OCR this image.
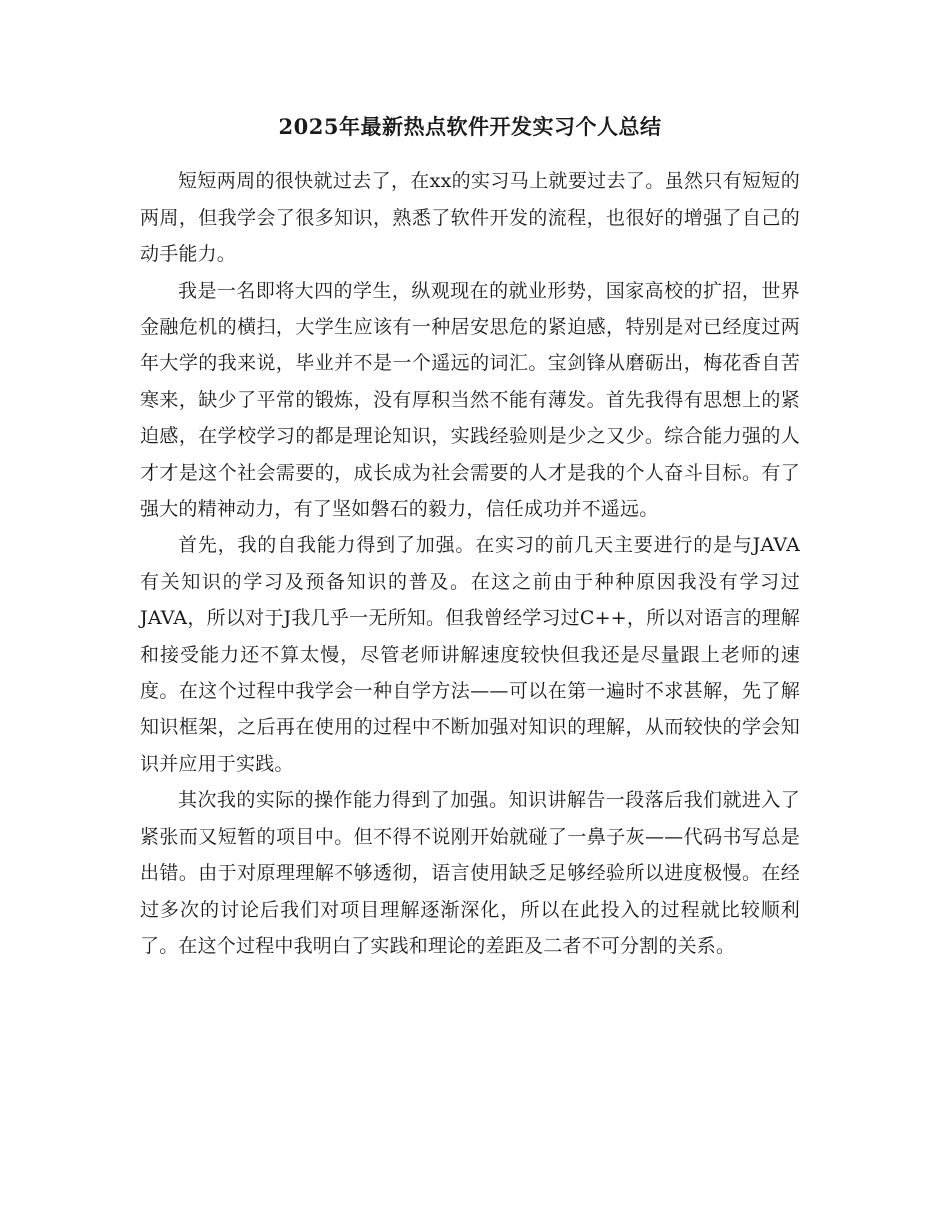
2025年最新热点软件开发实习个人总结

短短两周的很快就过去了，在xx的实习马上就要过去了。虽然只有短短的两周，但我学会了很多知识，熟悉了软件开发的流程，也很好的增强了自己的动手能力。

我是一名即将大四的学生，纵观现在的就业形势，国家高校的扩招，世界金融危机的横扫，大学生应该有一种居安思危的紧迫感，特别是对已经度过两年大学的我来说，毕业并不是一个遥远的词汇。宝剑锋从磨砺出，梅花香自苦寒来，缺少了平常的锻炼，没有厚积当然不能有薄发。首先我得有思想上的紧迫感，在学校学习的都是理论知识，实践经验则是少之又少。综合能力强的人才才是这个社会需要的，成长成为社会需要的人才是我的个人奋斗目标。有了强大的精神动力，有了坚如磐石的毅力，信任成功并不遥远。

首先，我的自我能力得到了加强。在实习的前几天主要进行的是与JAVA有关知识的学习及预备知识的普及。在这之前由于种种原因我没有学习过JAVA，所以对于J我几乎一无所知。但我曾经学习过C++，所以对语言的理解和接受能力还不算太慢，尽管老师讲解速度较快但我还是尽量跟上老师的速度。在这个过程中我学会一种自学方法——可以在第一遍时不求甚解，先了解知识框架，之后再在使用的过程中不断加强对知识的理解，从而较快的学会知识并应用于实践。

其次我的实际的操作能力得到了加强。知识讲解告一段落后我们就进入了紧张而又短暂的项目中。但不得不说刚开始就碰了一鼻子灰——代码书写总是出错。由于对原理理解不够透彻，语言使用缺乏足够经验所以进度极慢。在经过多次的讨论后我们对项目理解逐渐深化，所以在此投入的过程就比较顺利了。在这个过程中我明白了实践和理论的差距及二者不可分割的关系。
